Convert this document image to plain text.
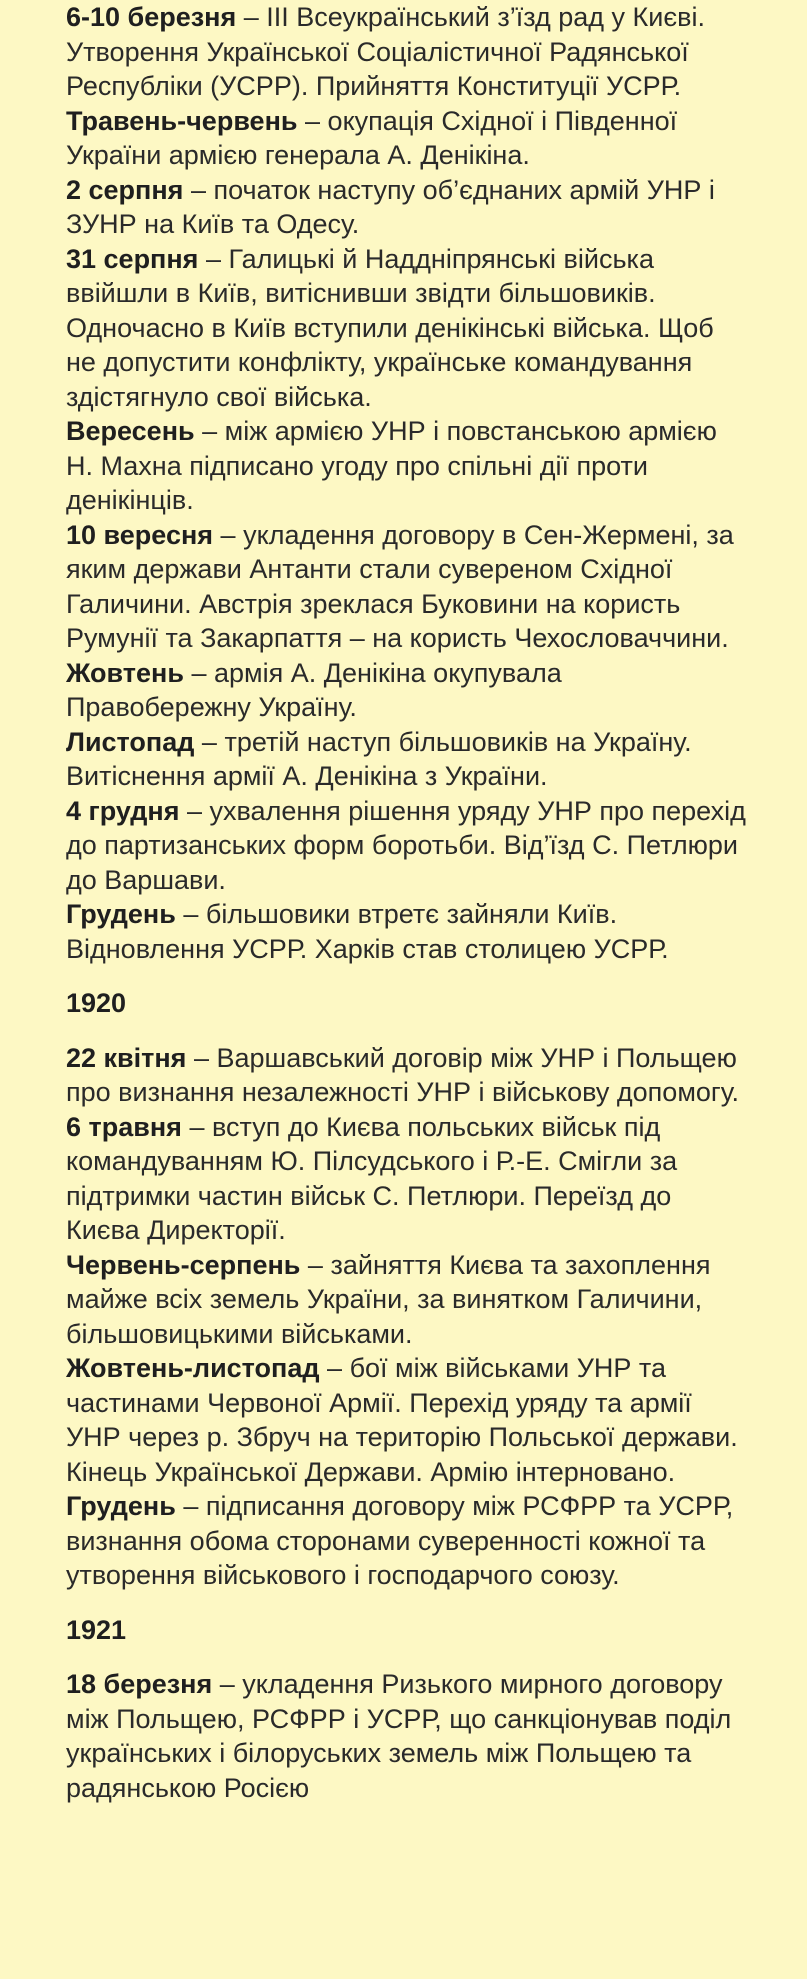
6-10 березня – III Всеукраїнський з’їзд рад у Києві. Утворення Української Соціалістичної Радянської Республіки (УСРР). Прийняття Конституції УСРР.

Травень-червень – окупація Східної і Південної України армією генерала А. Денікіна.

2 серпня – початок наступу об’єднаних армій УНР і ЗУНР на Київ та Одесу.

31 серпня – Галицькі й Наддніпрянські війська ввійшли в Київ, витіснивши звідти більшовиків. Одночасно в Київ вступили денікінські війська. Щоб не допустити конфлікту, українське командування здістягнуло свої війська.

Вересень – між армією УНР і повстанською армією Н. Махна підписано угоду про спільні дії проти денікінців.

10 вересня – укладення договору в Сен-Жермені, за яким держави Антанти стали сувереном Східної Галичини. Австрія зреклася Буковини на користь Румунії та Закарпаття – на користь Чехословаччини.

Жовтень – армія А. Денікіна окупувала Правобережну Україну.

Листопад – третій наступ більшовиків на Україну. Витіснення армії А. Денікіна з України.

4 грудня – ухвалення рішення уряду УНР про перехід до партизанських форм боротьби. Від’їзд С. Петлюри до Варшави.

Грудень – більшовики втретє зайняли Київ. Відновлення УСРР. Харків став столицею УСРР.

1920

22 квітня – Варшавський договір між УНР і Польщею про визнання незалежності УНР і військову допомогу.

6 травня – вступ до Києва польських військ під командуванням Ю. Пілсудського і Р.-Е. Смігли за підтримки частин військ С. Петлюри. Переїзд до Києва Директорії.

Червень-серпень – зайняття Києва та захоплення майже всіх земель України, за винятком Галичини, більшовицькими військами.

Жовтень-листопад – бої між військами УНР та частинами Червоної Армії. Перехід уряду та армії УНР через р. Збруч на територію Польської держави. Кінець Української Держави. Армію інтерновано.

Грудень – підписання договору між РСФРР та УСРР, визнання обома сторонами суверенності кожної та утворення військового і господарчого союзу.

1921

18 березня – укладення Ризького мирного договору між Польщею, РСФРР і УСРР, що санкціонував поділ українських і білоруських земель між Польщею та радянською Росією
